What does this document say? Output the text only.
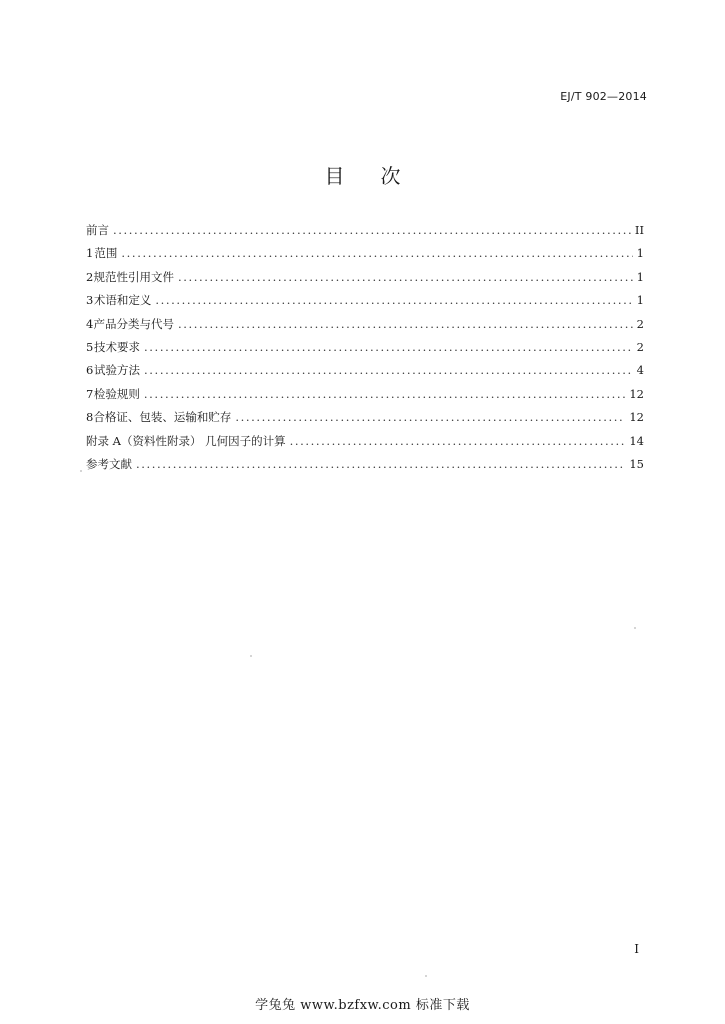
EJ/T 902—2014
目次
前言 .....	II
1 范围 .....	1
2 规范性引用文件 .....	1
3 术语和定义 .....	1
4 产品分类与代号 .....	2
5 技术要求 .....	2
6 试验方法 .....	4
7 检验规则 .....	12
8 合格证、包装、运输和贮存 .....	12
附录 A（资料性附录） 几何因子的计算 .....	14
参考文献 .....	15
I
学兔兔 www.bzfxw.com 标准下载
